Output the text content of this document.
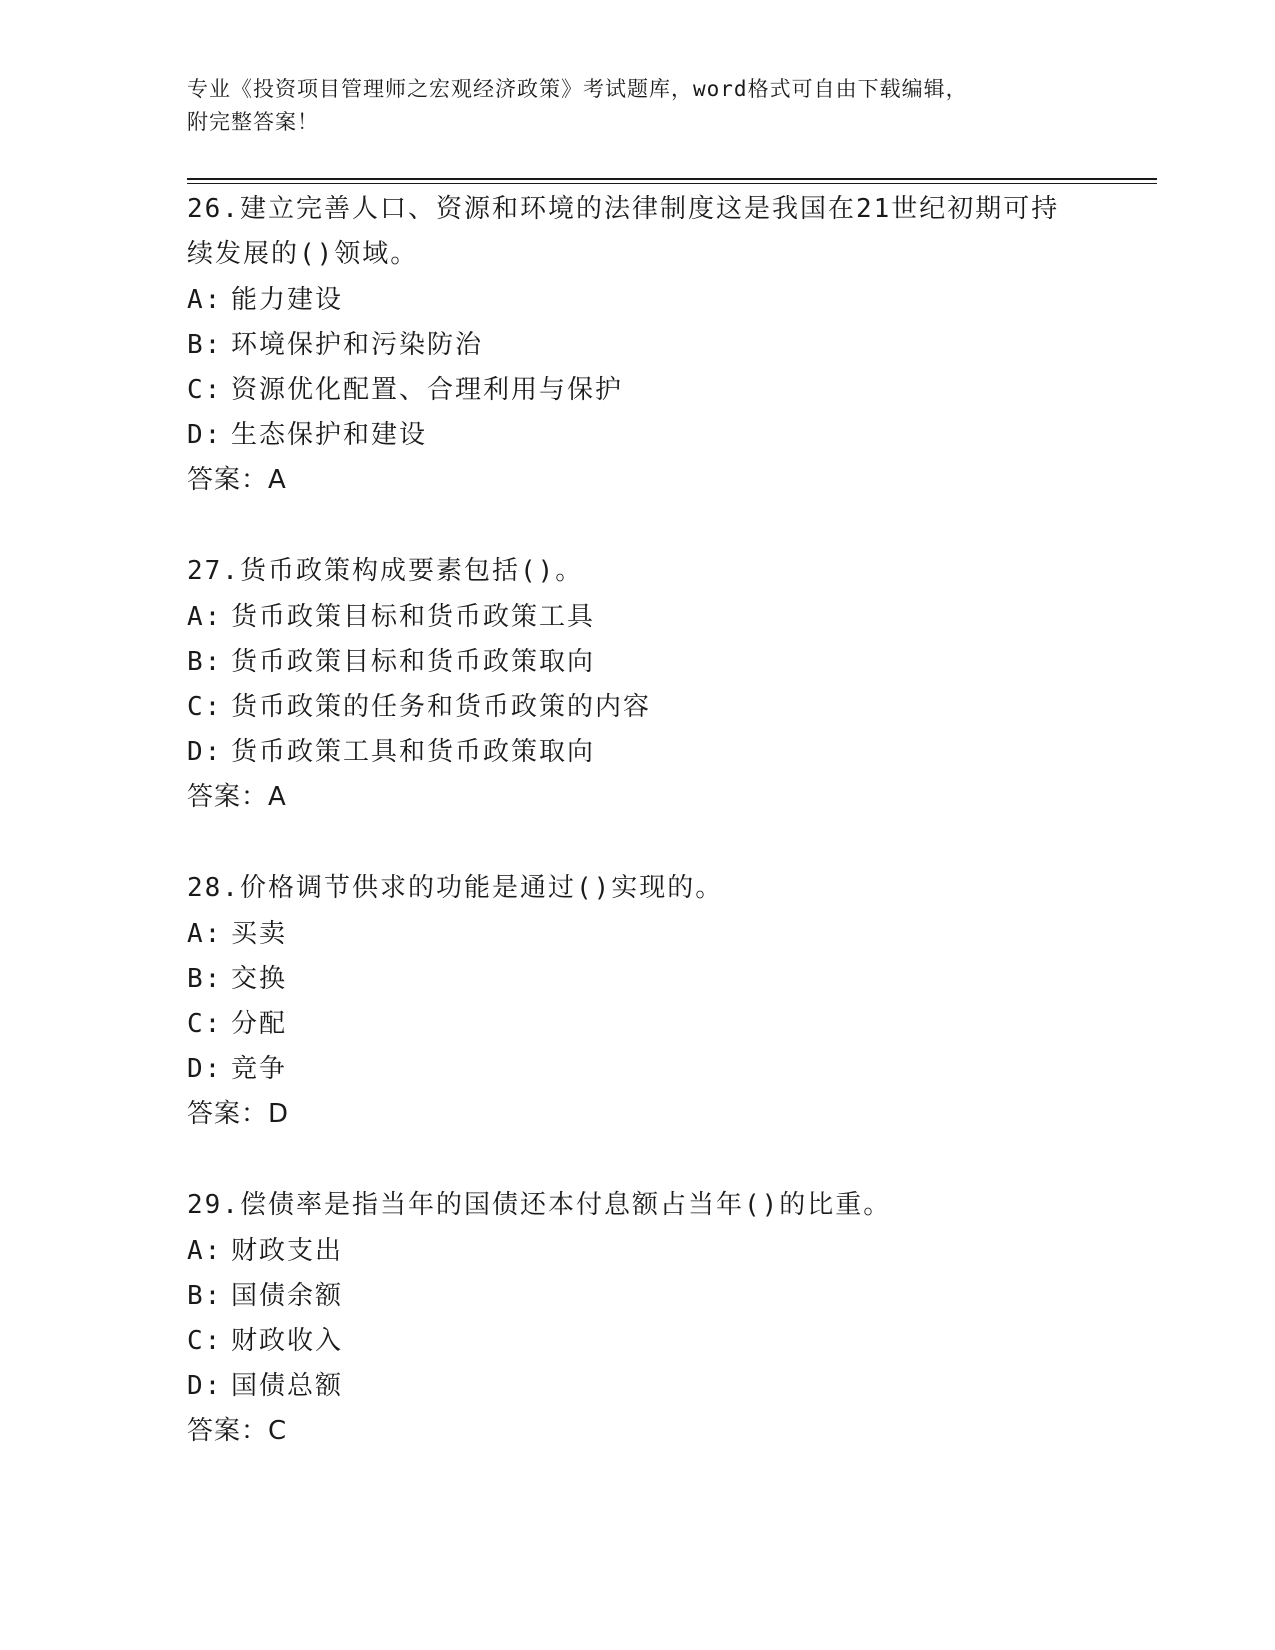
专业《投资项目管理师之宏观经济政策》考试题库，word格式可自由下载编辑，
附完整答案！
26.建立完善人口、资源和环境的法律制度这是我国在21世纪初期可持续发展的()领域。
A: 能力建设
B: 环境保护和污染防治
C: 资源优化配置、合理利用与保护
D: 生态保护和建设
答案：A
27.货币政策构成要素包括()。
A: 货币政策目标和货币政策工具
B: 货币政策目标和货币政策取向
C: 货币政策的任务和货币政策的内容
D: 货币政策工具和货币政策取向
答案：A
28.价格调节供求的功能是通过()实现的。
A: 买卖
B: 交换
C: 分配
D: 竞争
答案：D
29.偿债率是指当年的国债还本付息额占当年()的比重。
A: 财政支出
B: 国债余额
C: 财政收入
D: 国债总额
答案：C
